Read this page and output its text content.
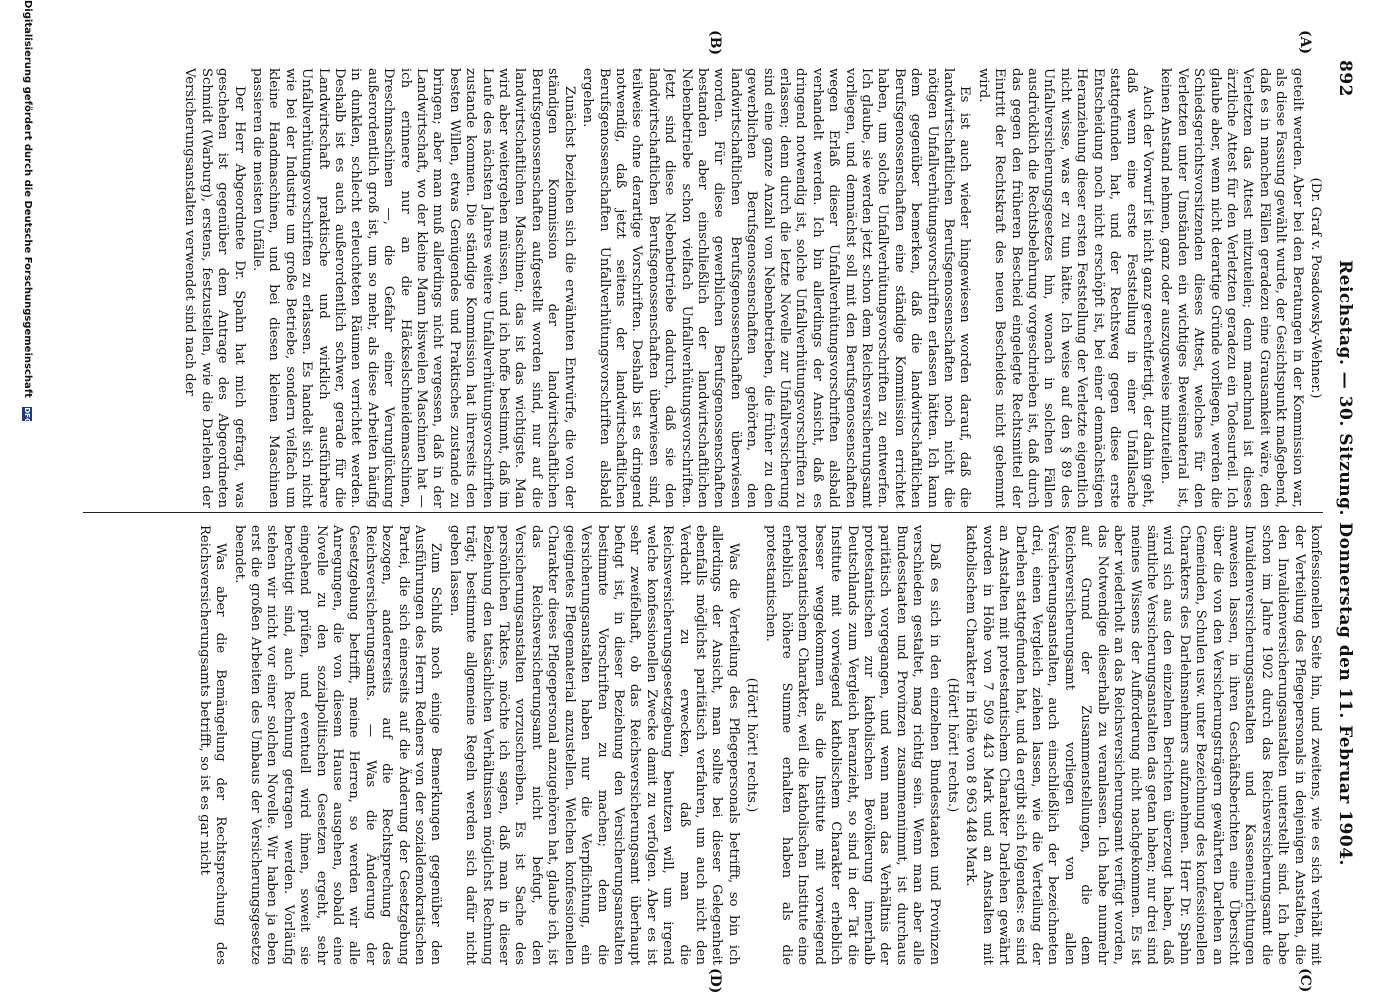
892
Reichstag. — 30. Sitzung. Donnerstag den 11. Februar 1904.
(A)
(B)
(C)
(D)

(Dr. Graf v. Posadowsky-Wehner.)

geteilt werden. Aber bei den Beratungen in der Kommission war, als diese Fassung gewählt wurde, der Gesichtspunkt maßgebend, daß es in manchen Fällen geradezu eine Grausamkeit wäre, den Verletzten das Attest mitzuteilen; denn manchmal ist dieses ärztliche Attest für den Verletzten geradezu ein Todesurteil. Ich glaube aber, wenn nicht derartige Gründe vorliegen, werden die Schiedsgerichtsvorsitzenden dieses Attest, welches für den Verletzten unter Umständen ein wichtiges Beweismaterial ist, keinen Anstand nehmen, ganz oder auszugsweise mitzuteilen.

Auch der Vorwurf ist nicht ganz gerechtfertigt, der dahin geht, daß wenn eine erste Feststellung in einer Unfallsache stattgefunden hat, und der Rechtsweg gegen diese erste Entscheidung noch nicht erschöpft ist, bei einer demnächstigen Heranziehung dieser ersten Feststellung der Verletzte eigentlich nicht wisse, was er zu tun hätte. Ich weise auf den § 89 des Unfallversicherungsgesetzes hin, wonach in solchen Fällen ausdrücklich die Rechtsbelehrung vorgeschrieben ist, daß durch das gegen den früheren Bescheid eingelegte Rechtsmittel der Eintritt der Rechtskraft des neuen Bescheides nicht gehemmt wird.

Es ist auch wieder hingewiesen worden darauf, daß die landwirtschaftlichen Berufsgenossenschaften noch nicht die nötigen Unfallverhütungsvorschriften erlassen hätten. Ich kann dem gegenüber bemerken, daß die landwirtschaftlichen Berufsgenossenschaften eine ständige Kommission errichtet haben, um solche Unfallverhütungsvorschriften zu entwerfen. Ich glaube, sie werden jetzt schon dem Reichsversicherungsamt vorliegen, und demnächst soll mit den Berufsgenossenschaften wegen Erlaß dieser Unfallverhütungsvorschriften alsbald verhandelt werden. Ich bin allerdings der Ansicht, daß es dringend notwendig ist, solche Unfallverhütungsvorschriften zu erlassen; denn durch die letzte Novelle zur Unfallversicherung sind eine ganze Anzahl von Nebenbetrieben, die früher zu den gewerblichen Berufsgenossenschaften gehörten, den landwirtschaftlichen Berufsgenossenschaften überwiesen worden. Für diese gewerblichen Berufsgenossenschaften bestanden aber einschließlich der landwirtschaftlichen Nebenbetriebe schon vielfach Unfallverhütungsvorschriften. Jetzt sind diese Nebenbetriebe dadurch, daß sie den landwirtschaftlichen Berufsgenossenschaften überwiesen sind, teilweise ohne derartige Vorschriften. Deshalb ist es dringend notwendig, daß jetzt seitens der landwirtschaftlichen Berufsgenossenschaften Unfallverhütungsvorschriften alsbald ergehen.

Zunächst beziehen sich die erwähnten Entwürfe, die von der ständigen Kommission der landwirtschaftlichen Berufsgenossenschaften aufgestellt worden sind, nur auf die landwirtschaftlichen Maschinen; das ist das wichtigste. Man wird aber weitergehen müssen, und ich hoffe bestimmt, daß im Laufe des nächsten Jahres weitere Unfallverhütungsvorschriften zustande kommen. Die ständige Kommission hat ihrerseits den besten Willen, etwas Genügendes und Praktisches zustande zu bringen; aber man muß allerdings nicht vergessen, daß in der Landwirtschaft, wo der kleine Mann bisweilen Maschinen hat — ich erinnere nur an die Häckselschneidemaschinen, Dreschmaschinen —, die Gefahr einer Verunglückung außerordentlich groß ist, um so mehr, als diese Arbeiten häufig in dunklen, schlecht erleuchteten Räumen verrichtet werden. Deshalb ist es auch außerordentlich schwer, gerade für die Landwirtschaft praktische und wirklich ausführbare Unfallverhütungsvorschriften zu erlassen. Es handelt sich nicht wie bei der Industrie um große Betriebe, sondern vielfach um kleine Handmaschinen, und bei diesen kleinen Maschinen passieren die meisten Unfälle.

Der Herr Abgeordnete Dr. Spahn hat mich gefragt, was geschehen ist gegenüber dem Antrage des Abgeordneten Schmidt (Warburg), erstens, festzustellen, wie die Darlehen der Versicherungsanstalten verwendet sind nach der

konfessionellen Seite hin, und zweitens, wie es sich verhält mit der Verteilung des Pflegepersonals in denjenigen Anstalten, die den Invalidenversicherungsanstalten unterstellt sind. Ich habe schon im Jahre 1902 durch das Reichsversicherungsamt die Invalidenversicherungsanstalten und Kasseneinrichtungen anweisen lassen, in ihren Geschäftsberichten eine Übersicht über die von den Versicherungsträgern gewährten Darlehen an Gemeinden, Schulen usw. unter Bezeichnung des konfessionellen Charakters des Darlehnsnehmers aufzunehmen. Herr Dr. Spahn wird sich aus den einzelnen Berichten überzeugt haben, daß sämtliche Versicherungsanstalten das getan haben; nur drei sind meines Wissens der Aufforderung nicht nachgekommen. Es ist aber wiederholt an das Reichsversicherungsamt verfügt worden, das Notwendige dieserhalb zu veranlassen. Ich habe nunmehr auf Grund der Zusammenstellungen, die dem Reichsversicherungsamt vorliegen von allen Versicherungsanstalten, auch einschließlich der bezeichneten drei, einen Vergleich ziehen lassen, wie die Verteilung der Darlehen stattgefunden hat, und da ergibt sich folgendes: es sind an Anstalten mit protestantischem Charakter Darlehen gewährt worden in Höhe von 7 509 443 Mark und an Anstalten mit katholischem Charakter in Höhe von 8 963 448 Mark.

(Hört! hört! rechts.)

Daß es sich in den einzelnen Bundesstaaten und Provinzen verschieden gestaltet, mag richtig sein. Wenn man aber alle Bundesstaaten und Provinzen zusammennimmt, ist durchaus paritätisch vorgegangen, und wenn man das Verhältnis der protestantischen zur katholischen Bevölkerung innerhalb Deutschlands zum Vergleich heranzieht, so sind in der Tat die Institute mit vorwiegend katholischem Charakter erheblich besser weggekommen als die Institute mit vorwiegend protestantischem Charakter, weil die katholischen Institute eine erheblich höhere Summe erhalten haben als die protestantischen.

(Hört! hört! rechts.)

Was die Verteilung des Pflegepersonals betrifft, so bin ich allerdings der Ansicht, man sollte bei dieser Gelegenheit ebenfalls möglichst paritätisch verfahren, um auch nicht den Verdacht zu erwecken, daß man die Reichsversicherungsgesetzgebung benutzen will, um irgend welche konfessionellen Zwecke damit zu verfolgen. Aber es ist sehr zweifelhaft, ob das Reichsversicherungsamt überhaupt befugt ist, in dieser Beziehung den Versicherungsanstalten bestimmte Vorschriften zu machen; denn die Versicherungsanstalten haben nur die Verpflichtung, ein geeignetes Pflegematerial anzustellen. Welchen konfessionellen Charakter dieses Pflegepersonal anzugehören hat, glaube ich, ist das Reichsversicherungsamt nicht befugt, den Versicherungsanstalten vorzuschreiben. Es ist Sache des persönlichen Taktes, möchte ich sagen, daß man in dieser Beziehung den tatsächlichen Verhältnissen möglichst Rechnung trägt; bestimmte allgemeine Regeln werden sich dafür nicht geben lassen.

Zum Schluß noch einige Bemerkungen gegenüber den Ausführungen des Herrn Redners von der sozialdemokratischen Partei, die sich einerseits auf die Änderung der Gesetzgebung bezogen, andererseits auf die Rechtsprechung des Reichsversicherungsamts. — Was die Änderung der Gesetzgebung betrifft, meine Herren, so werden wir alle Anregungen, die von diesem Hause ausgehen, sobald eine Novelle zu den sozialpolitischen Gesetzen ergeht, sehr eingehend prüfen, und eventuell wird ihnen, soweit sie berechtigt sind, auch Rechnung getragen werden. Vorläufig stehen wir nicht vor einer solchen Novelle. Wir haben ja eben erst die großen Arbeiten des Umbaus der Versicherungsgesetze beendet.

Was aber die Bemängelung der Rechtsprechung des Reichsversicherungsamts betrifft, so ist es gar nicht

Digitalisierung gefördert durch die Deutsche Forschungsgemeinschaft DFG
